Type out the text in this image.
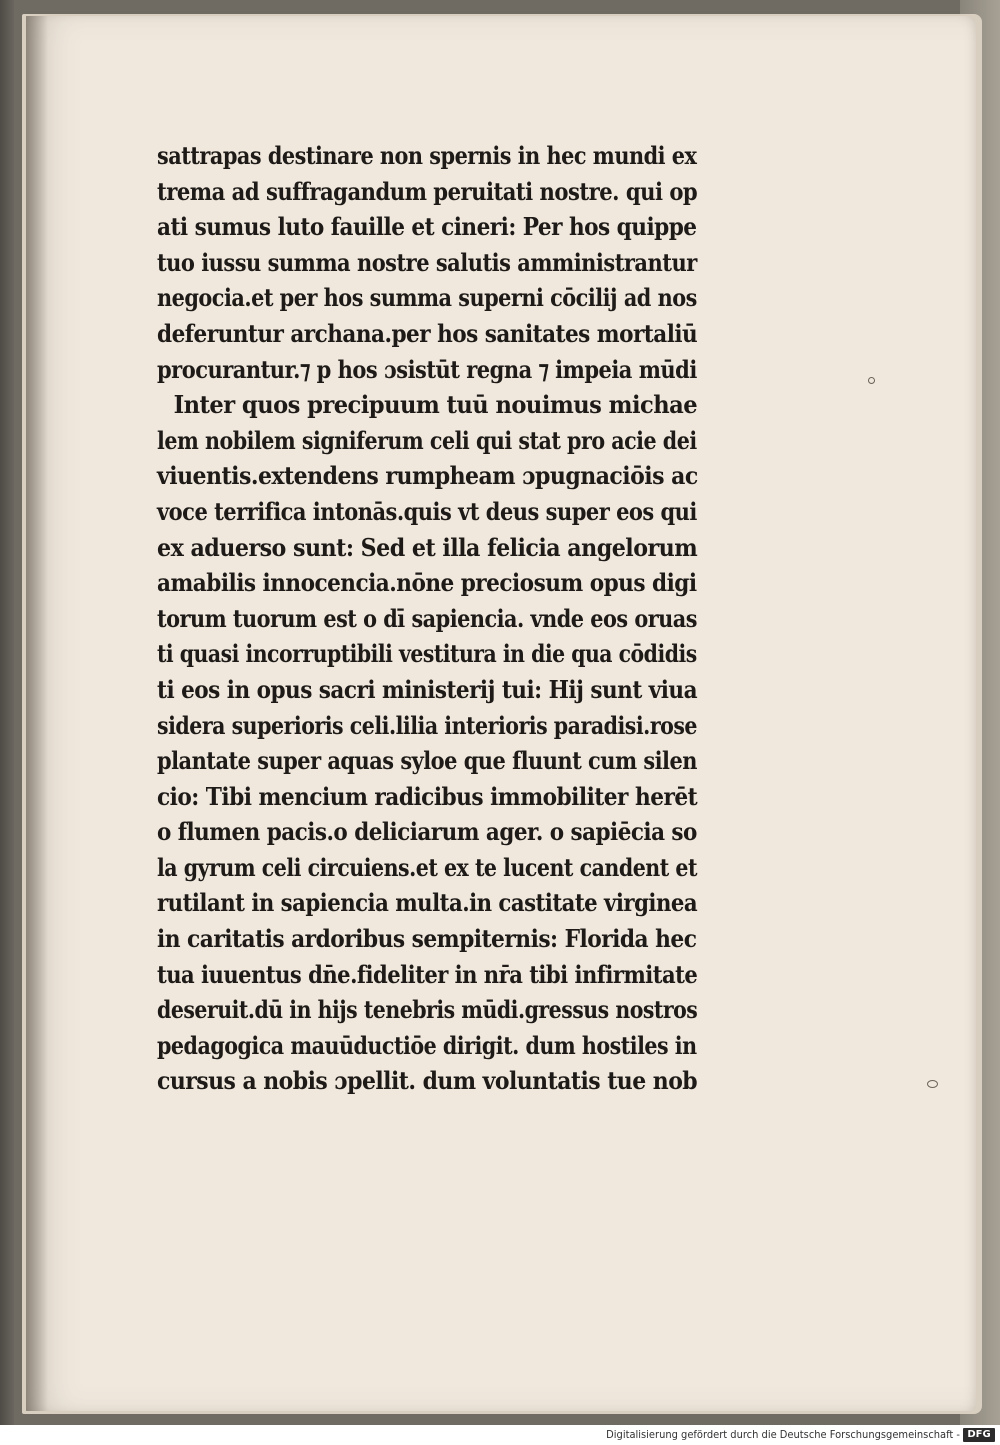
sattrapas destinare non spernis in hec mundi ex
trema ad suffragandum peruitati nostre. qui op
ati sumus luto fauille et cineri: Per hos quippe
tuo iussu summa nostre salutis amministrantur
negocia.et per hos summa superni cōcilij ad nos
deferuntur archana.per hos sanitates mortaliū
procurantur.⁊ p hos ɔsistūt regna ⁊ impeia mūdi
Inter quos precipuum tuū nouimus michae
lem nobilem signiferum celi qui stat pro acie dei
viuentis.extendens rumpheam ɔpugnaciōis ac
voce terrifica intonās.quis vt deus super eos qui
ex aduerso sunt: Sed et illa felicia angelorum
amabilis innocencia.nōne preciosum opus digi
torum tuorum est o dī sapiencia. vnde eos oruas
ti quasi incorruptibili vestitura in die qua cōdidis
ti eos in opus sacri ministerij tui: Hij sunt viua
sidera superioris celi.lilia interioris paradisi.rose
plantate super aquas syloe que fluunt cum silen
cio: Tibi mencium radicibus immobiliter herēt
o flumen pacis.o deliciarum ager. o sapiēcia so
la gyrum celi circuiens.et ex te lucent candent et
rutilant in sapiencia multa.in castitate virginea
in caritatis ardoribus sempiternis: Florida hec
tua iuuentus dn̄e.fideliter in nr̄a tibi infirmitate
deseruit.dū in hijs tenebris mūdi.gressus nostros
pedagogica mauūductiōe dirigit. dum hostiles in
cursus a nobis ɔpellit. dum voluntatis tue nob
Digitalisierung gefördert durch die Deutsche Forschungsgemeinschaft - DFG
